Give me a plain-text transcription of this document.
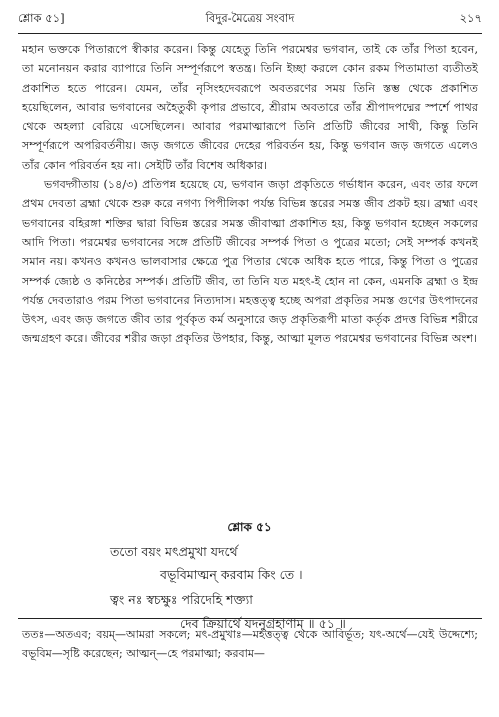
শ্লোক ৫১]	বিদুর-মৈত্রেয় সংবাদ	২১৭

মহান ভক্তকে পিতারূপে স্বীকার করেন। কিন্তু যেহেতু তিনি পরমেশ্বর ভগবান, তাই কে তাঁর পিতা হবেন, তা মনোনয়ন করার ব্যাপারে তিনি সম্পূর্ণরূপে স্বতন্ত্র। তিনি ইচ্ছা করলে কোন রকম পিতামাতা ব্যতীতই প্রকাশিত হতে পারেন। যেমন, তাঁর নৃসিংহদেবরূপে অবতরণের সময় তিনি স্তম্ভ থেকে প্রকাশিত হয়েছিলেন, আবার ভগবানের অহৈতুকী কৃপার প্রভাবে, শ্রীরাম অবতারে তাঁর শ্রীপাদপদ্মের স্পর্শে পাথর থেকে অহল্যা বেরিয়ে এসেছিলেন। আবার পরমাত্মারূপে তিনি প্রতিটি জীবের সাথী, কিন্তু তিনি সম্পূর্ণরূপে অপরিবর্তনীয়। জড় জগতে জীবের দেহের পরিবর্তন হয়, কিন্তু ভগবান জড় জগতে এলেও তাঁর কোন পরিবর্তন হয় না। সেইটি তাঁর বিশেষ অধিকার।

ভগবদ্গীতায় (১৪/৩) প্রতিপন্ন হয়েছে যে, ভগবান জড়া প্রকৃতিতে গর্ভাধান করেন, এবং তার ফলে প্রথম দেবতা ব্রহ্মা থেকে শুরু করে নগণ্য পিপীলিকা পর্যন্ত বিভিন্ন স্তরের সমস্ত জীব প্রকট হয়। ব্রহ্মা এবং ভগবানের বহিরঙ্গা শক্তির দ্বারা বিভিন্ন স্তরের সমস্ত জীবাত্মা প্রকাশিত হয়, কিন্তু ভগবান হচ্ছেন সকলের আদি পিতা। পরমেশ্বর ভগবানের সঙ্গে প্রতিটি জীবের সম্পর্ক পিতা ও পুত্রের মতো; সেই সম্পর্ক কখনই সমান নয়। কখনও কখনও ভালবাসার ক্ষেত্রে পুত্র পিতার থেকে অধিক হতে পারে, কিন্তু পিতা ও পুত্রের সম্পর্ক জ্যেষ্ঠ ও কনিষ্ঠের সম্পর্ক। প্রতিটি জীব, তা তিনি যত মহৎ-ই হোন না কেন, এমনকি ব্রহ্মা ও ইন্দ্র পর্যন্ত দেবতারাও পরম পিতা ভগবানের নিত্যদাস। মহত্তত্ত্ব হচ্ছে অপরা প্রকৃতির সমস্ত গুণের উৎপাদনের উৎস, এবং জড় জগতে জীব তার পূর্বকৃত কর্ম অনুসারে জড় প্রকৃতিরূপী মাতা কর্তৃক প্রদত্ত বিভিন্ন শরীরে জন্মগ্রহণ করে। জীবের শরীর জড়া প্রকৃতির উপহার, কিন্তু, আত্মা মূলত পরমেশ্বর ভগবানের বিভিন্ন অংশ।

শ্লোক ৫১
ততো বয়ং মৎপ্রমুখা যদর্থে
বভূবিমাত্মন্ করবাম কিং তে ।
ত্বং নঃ স্বচক্ষুঃ পরিদেহি শক্ত্যা
দেব ক্রিয়ার্থে যদনুগ্রহাণাম্ ॥ ৫১ ॥
ততঃ—অতএব; বয়ম্—আমরা সকলে; মৎ-প্রমুখাঃ—মহত্তত্ত্ব থেকে আবির্ভূত; যৎ-অর্থে—যেই উদ্দেশ্যে; বভূবিম—সৃষ্টি করেছেন; আত্মন্—হে পরমাত্মা; করবাম—
